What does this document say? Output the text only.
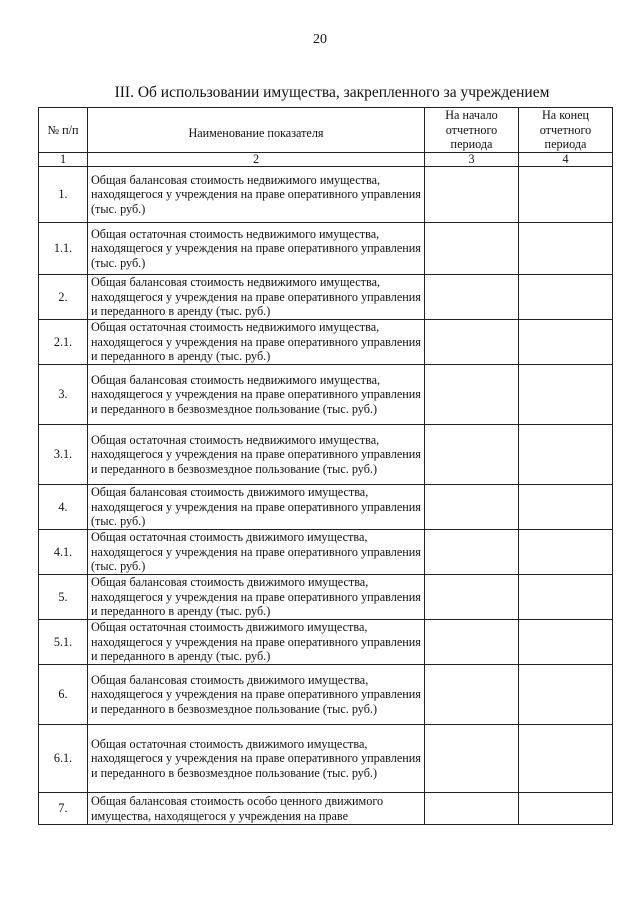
20
III. Об использовании имущества, закрепленного за учреждением
№ п/п	Наименование показателя	На начало отчетного периода	На конец отчетного периода
1	2	3	4
1.	Общая балансовая стоимость недвижимого имущества, находящегося у учреждения на праве оперативного управления (тыс. руб.)		
1.1.	Общая остаточная стоимость недвижимого имущества, находящегося у учреждения на праве оперативного управления (тыс. руб.)		
2.	Общая балансовая стоимость недвижимого имущества, находящегося у учреждения на праве оперативного управления и переданного в аренду (тыс. руб.)		
2.1.	Общая остаточная стоимость недвижимого имущества, находящегося у учреждения на праве оперативного управления и переданного в аренду (тыс. руб.)		
3.	Общая балансовая стоимость недвижимого имущества, находящегося у учреждения на праве оперативного управления и переданного в безвозмездное пользование (тыс. руб.)		
3.1.	Общая остаточная стоимость недвижимого имущества, находящегося у учреждения на праве оперативного управления и переданного в безвозмездное пользование (тыс. руб.)		
4.	Общая балансовая стоимость движимого имущества, находящегося у учреждения на праве оперативного управления (тыс. руб.)		
4.1.	Общая остаточная стоимость движимого имущества, находящегося у учреждения на праве оперативного управления (тыс. руб.)		
5.	Общая балансовая стоимость движимого имущества, находящегося у учреждения на праве оперативного управления и переданного в аренду (тыс. руб.)		
5.1.	Общая остаточная стоимость движимого имущества, находящегося у учреждения на праве оперативного управления и переданного в аренду (тыс. руб.)		
6.	Общая балансовая стоимость движимого имущества, находящегося у учреждения на праве оперативного управления и переданного в безвозмездное пользование (тыс. руб.)		
6.1.	Общая остаточная стоимость движимого имущества, находящегося у учреждения на праве оперативного управления и переданного в безвозмездное пользование (тыс. руб.)		
7.	Общая балансовая стоимость особо ценного движимого имущества, находящегося у учреждения на праве		
